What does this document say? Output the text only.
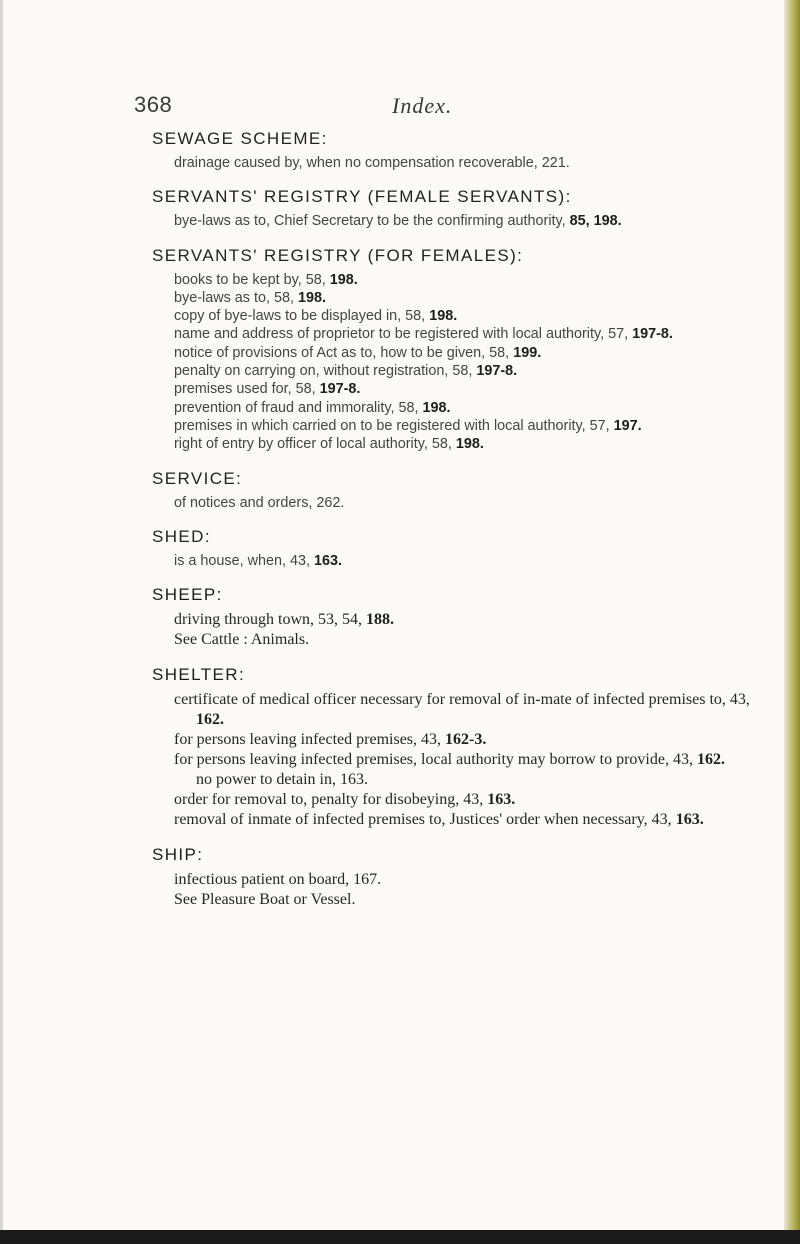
368	Index.
SEWAGE SCHEME:
drainage caused by, when no compensation recoverable, 221.
SERVANTS' REGISTRY (FEMALE SERVANTS):
bye-laws as to, Chief Secretary to be the confirming authority, 85, 198.
SERVANTS' REGISTRY (FOR FEMALES):
books to be kept by, 58, 198.
bye-laws as to, 58, 198.
copy of bye-laws to be displayed in, 58, 198.
name and address of proprietor to be registered with local authority, 57, 197-8.
notice of provisions of Act as to, how to be given, 58, 199.
penalty on carrying on, without registration, 58, 197-8.
premises used for, 58, 197-8.
prevention of fraud and immorality, 58, 198.
premises in which carried on to be registered with local authority, 57, 197.
right of entry by officer of local authority, 58, 198.
SERVICE:
of notices and orders, 262.
SHED:
is a house, when, 43, 163.
SHEEP:
driving through town, 53, 54, 188.
See Cattle : Animals.
SHELTER:
certificate of medical officer necessary for removal of in-mate of infected premises to, 43, 162.
for persons leaving infected premises, 43, 162-3.
for persons leaving infected premises, local authority may borrow to provide, 43, 162.
no power to detain in, 163.
order for removal to, penalty for disobeying, 43, 163.
removal of inmate of infected premises to, Justices' order when necessary, 43, 163.
SHIP:
infectious patient on board, 167.
See Pleasure Boat or Vessel.
